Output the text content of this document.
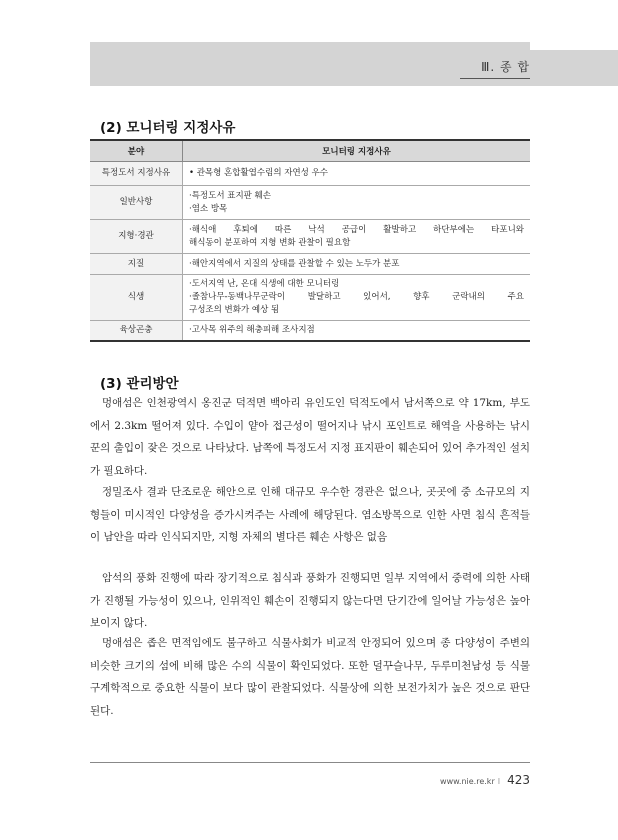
Ⅲ. 종 합
(2) 모니터링 지정사유
분야	모니터링 지정사유
특정도서 지정사유	• 관목형 혼합활엽수림의 자연성 우수

일반사항	·특정도서 표지판 훼손
·염소 방목

지형·경관	·해식애 후퇴에 따른 낙석 공급이 활발하고 하단부에는 타포니와
해식동이 분포하여 지형 변화 관찰이 필요함

지질	·해안지역에서 지질의 상태를 관찰할 수 있는 노두가 분포

식생	·도서지역 난, 온대 식생에 대한 모니터링
·졸참나무-동백나무군락이 발달하고 있어서, 향후 군락내의 주요
구성조의 변화가 예상 됨

육상곤충	·고사목 위주의 해충피해 조사지점
(3) 관리방안

멍애섬은 인천광역시 옹진군 덕적면 백아리 유인도인 덕적도에서 남서쪽으로 약 17km, 부도에서 2.3km 떨어져 있다. 수입이 얕아 접근성이 떨어지나 낚시 포인트로 해역을 사용하는 낚시꾼의 출입이 잦은 것으로 나타났다. 남쪽에 특정도서 지정 표지판이 훼손되어 있어 추가적인 설치가 필요하다.

정밀조사 결과 단조로운 해안으로 인해 대규모 우수한 경관은 없으나, 곳곳에 중 소규모의 지형들이 미시적인 다양성을 증가시켜주는 사례에 해당된다. 염소방목으로 인한 사면 침식 흔적들이 남안을 따라 인식되지만, 지형 자체의 별다른 훼손 사항은 없음

암석의 풍화 진행에 따라 장기적으로 침식과 풍화가 진행되면 일부 지역에서 중력에 의한 사태가 진행될 가능성이 있으나, 인위적인 훼손이 진행되지 않는다면 단기간에 일어날 가능성은 높아 보이지 않다.

멍애섬은 좁은 면적임에도 불구하고 식물사회가 비교적 안정되어 있으며 종 다양성이 주변의 비슷한 크기의 섬에 비해 많은 수의 식물이 확인되었다. 또한 덜꾸슬나무, 두루미천남성 등 식물구계학적으로 중요한 식물이 보다 많이 관찰되었다. 식물상에 의한 보전가치가 높은 것으로 판단된다.

www.nie.re.kr I 423
